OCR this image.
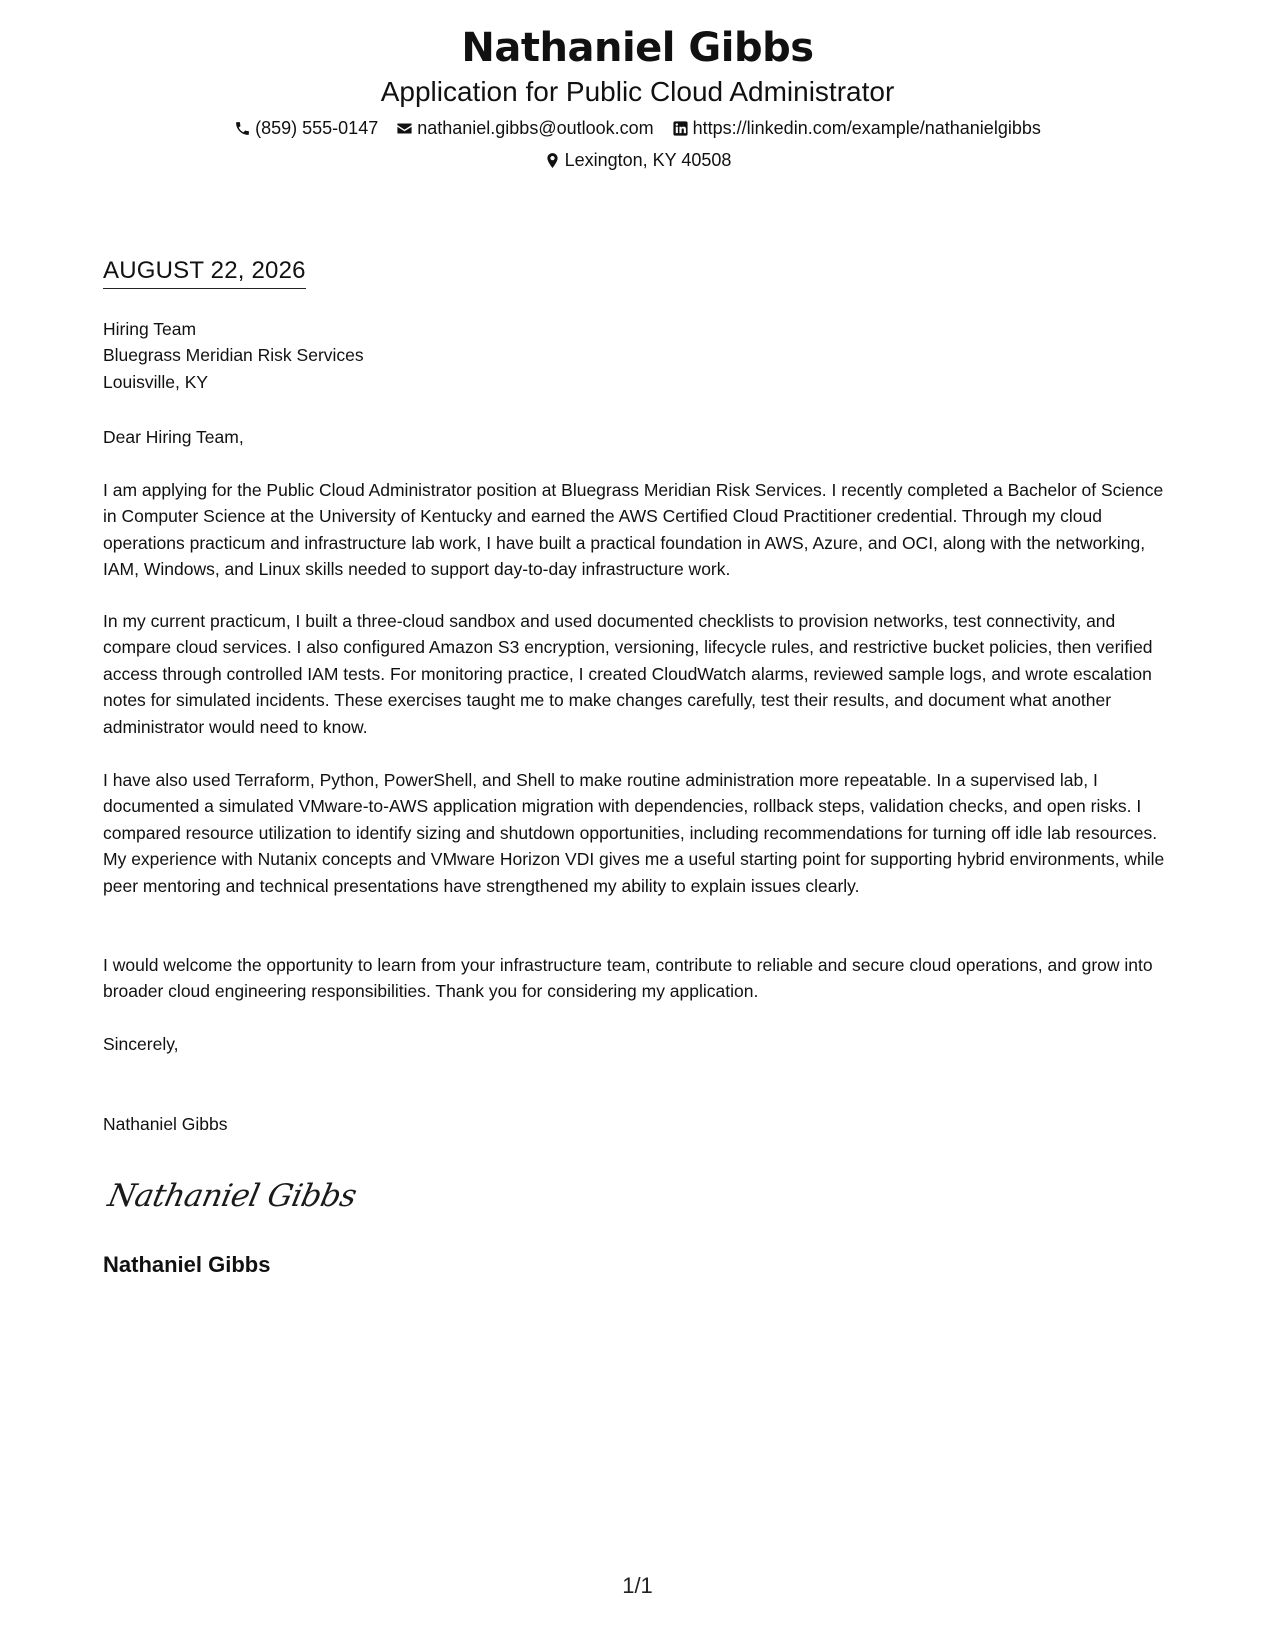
Nathaniel Gibbs

Application for Public Cloud Administrator

(859) 555-0147 nathaniel.gibbs@outlook.com https://linkedin.com/example/nathanielgibbs
Lexington, KY 40508
AUGUST 22, 2026
Hiring Team
Bluegrass Meridian Risk Services
Louisville, KY
Dear Hiring Team,

I am applying for the Public Cloud Administrator position at Bluegrass Meridian Risk Services. I recently completed a Bachelor of Science in Computer Science at the University of Kentucky and earned the AWS Certified Cloud Practitioner credential. Through my cloud operations practicum and infrastructure lab work, I have built a practical foundation in AWS, Azure, and OCI, along with the networking, IAM, Windows, and Linux skills needed to support day-to-day infrastructure work.

In my current practicum, I built a three-cloud sandbox and used documented checklists to provision networks, test connectivity, and compare cloud services. I also configured Amazon S3 encryption, versioning, lifecycle rules, and restrictive bucket policies, then verified access through controlled IAM tests. For monitoring practice, I created CloudWatch alarms, reviewed sample logs, and wrote escalation notes for simulated incidents. These exercises taught me to make changes carefully, test their results, and document what another administrator would need to know.

I have also used Terraform, Python, PowerShell, and Shell to make routine administration more repeatable. In a supervised lab, I documented a simulated VMware-to-AWS application migration with dependencies, rollback steps, validation checks, and open risks. I compared resource utilization to identify sizing and shutdown opportunities, including recommendations for turning off idle lab resources. My experience with Nutanix concepts and VMware Horizon VDI gives me a useful starting point for supporting hybrid environments, while peer mentoring and technical presentations have strengthened my ability to explain issues clearly.

I would welcome the opportunity to learn from your infrastructure team, contribute to reliable and secure cloud operations, and grow into broader cloud engineering responsibilities. Thank you for considering my application.

Sincerely,
Nathaniel Gibbs
Nathaniel Gibbs
Nathaniel Gibbs
1/1
